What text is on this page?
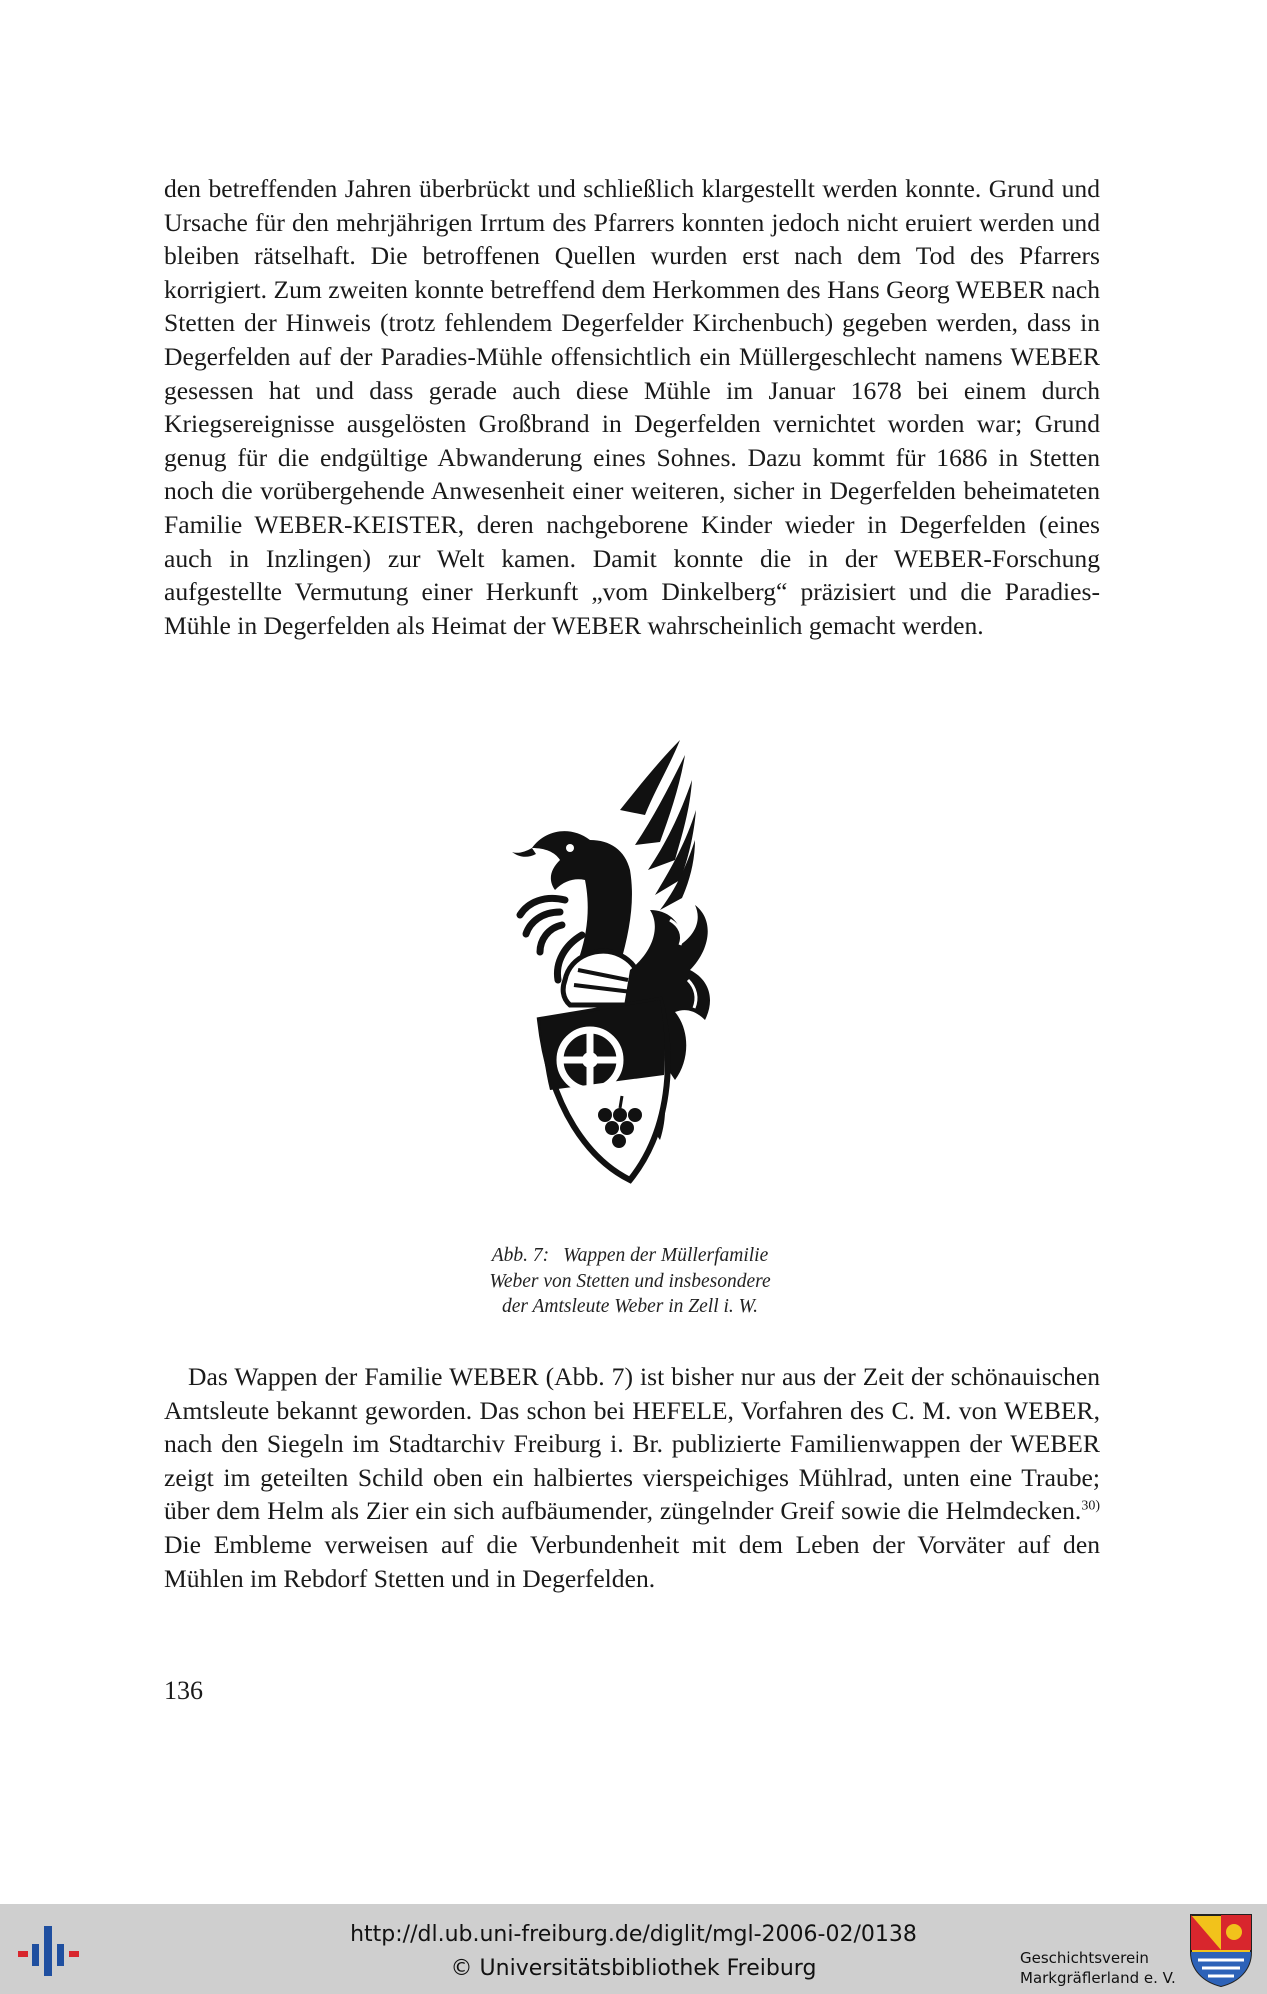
den betreffenden Jahren überbrückt und schließlich klargestellt werden konnte. Grund und Ursache für den mehrjährigen Irrtum des Pfarrers konnten jedoch nicht eruiert werden und bleiben rätselhaft. Die betroffenen Quellen wurden erst nach dem Tod des Pfarrers korrigiert. Zum zweiten konnte betreffend dem Herkommen des Hans Georg WEBER nach Stetten der Hinweis (trotz fehlendem Degerfelder Kirchenbuch) gegeben werden, dass in Degerfelden auf der Paradies-Mühle offensichtlich ein Müllergeschlecht namens WEBER gesessen hat und dass gerade auch diese Mühle im Januar 1678 bei einem durch Kriegsereignisse ausgelösten Großbrand in Degerfelden vernichtet worden war; Grund genug für die endgültige Abwanderung eines Sohnes. Dazu kommt für 1686 in Stetten noch die vorübergehende Anwesenheit einer weiteren, sicher in Degerfelden beheimateten Familie WEBER-KEISTER, deren nachgeborene Kinder wieder in Degerfelden (eines auch in Inzlingen) zur Welt kamen. Damit konnte die in der WEBER-Forschung aufgestellte Vermutung einer Herkunft „vom Dinkelberg“ präzisiert und die Paradies-Mühle in Degerfelden als Heimat der WEBER wahrscheinlich gemacht werden.

Abb. 7: Wappen der Müllerfamilie
Weber von Stetten und insbesondere
der Amtsleute Weber in Zell i. W.

Das Wappen der Familie WEBER (Abb. 7) ist bisher nur aus der Zeit der schönauischen Amtsleute bekannt geworden. Das schon bei HEFELE, Vorfahren des C. M. von WEBER, nach den Siegeln im Stadtarchiv Freiburg i. Br. publizierte Familienwappen der WEBER zeigt im geteilten Schild oben ein halbiertes vierspeichiges Mühlrad, unten eine Traube; über dem Helm als Zier ein sich aufbäumender, züngelnder Greif sowie die Helmdecken.$^{30)}$ Die Embleme verweisen auf die Verbundenheit mit dem Leben der Vorväter auf den Mühlen im Rebdorf Stetten und in Degerfelden.

136
http://dl.ub.uni-freiburg.de/diglit/mgl-2006-02/0138
© Universitätsbibliothek Freiburg	Geschichtsverein
Markgräflerland e. V.
